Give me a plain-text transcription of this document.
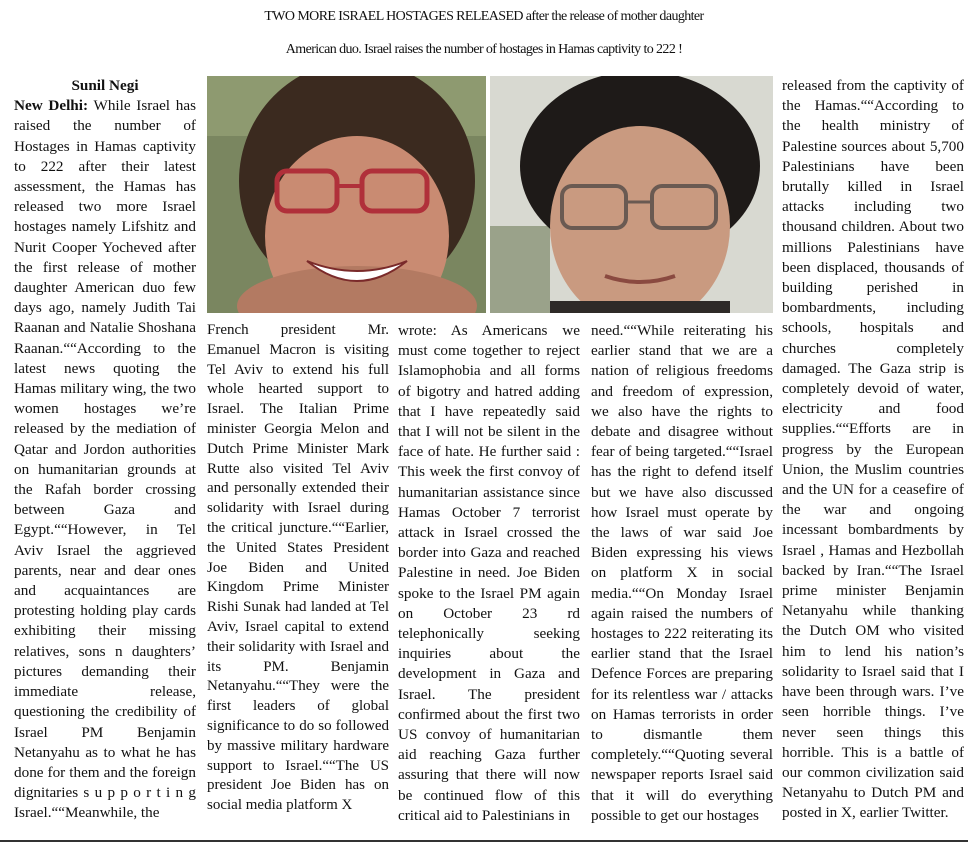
TWO MORE ISRAEL HOSTAGES RELEASED after the release of mother daughter
American duo. Israel raises the number of hostages in Hamas captivity to 222 !
Sunil Negi

New Delhi: While Israel has raised the number of Hostages in Hamas captivity to 222 after their latest assessment, the Hamas has released two more Israel hostages namely Lifshitz and Nurit Cooper Yocheved after the first release of mother daughter American duo few days ago, namely Judith Tai Raanan and Natalie Shoshana Raanan.““According to the latest news quoting the Hamas military wing, the two women hostages we’re released by the mediation of Qatar and Jordon authorities on humanitarian grounds at the Rafah border crossing between Gaza and Egypt.““However, in Tel Aviv Israel the aggrieved parents, near and dear ones and acquaintances are protesting holding play cards exhibiting their missing relatives, sons n daughters’ pictures demanding their immediate release, questioning the credibility of Israel PM Benjamin Netanyahu as to what he has done for them and the foreign dignitaries s u p p o r t i n g Israel.““Meanwhile, the

French president Mr. Emanuel Macron is visiting Tel Aviv to extend his full whole hearted support to Israel. The Italian Prime minister Georgia Melon and Dutch Prime Minister Mark Rutte also visited Tel Aviv and personally extended their solidarity with Israel during the critical juncture.““Earlier, the United States President Joe Biden and United Kingdom Prime Minister Rishi Sunak had landed at Tel Aviv, Israel capital to extend their solidarity with Israel and its PM. Benjamin Netanyahu.““They were the first leaders of global significance to do so followed by massive military hardware support to Israel.““The US president Joe Biden has on social media platform X

wrote: As Americans we must come together to reject Islamophobia and all forms of bigotry and hatred adding that I have repeatedly said that I will not be silent in the face of hate. He further said : This week the first convoy of humanitarian assistance since Hamas October 7 terrorist attack in Israel crossed the border into Gaza and reached Palestine in need. Joe Biden spoke to the Israel PM again on October 23 rd telephonically seeking inquiries about the development in Gaza and Israel. The president confirmed about the first two US convoy of humanitarian aid reaching Gaza further assuring that there will now be continued flow of this critical aid to Palestinians in

need.““While reiterating his earlier stand that we are a nation of religious freedoms and freedom of expression, we also have the rights to debate and disagree without fear of being targeted.““Israel has the right to defend itself but we have also discussed how Israel must operate by the laws of war said Joe Biden expressing his views on platform X in social media.““On Monday Israel again raised the numbers of hostages to 222 reiterating its earlier stand that the Israel Defence Forces are preparing for its relentless war / attacks on Hamas terrorists in order to dismantle them completely.““Quoting several newspaper reports Israel said that it will do everything possible to get our hostages

released from the captivity of the Hamas.““According to the health ministry of Palestine sources about 5,700 Palestinians have been brutally killed in Israel attacks including two thousand children. About two millions Palestinians have been displaced, thousands of building perished in bombardments, including schools, hospitals and churches completely damaged. The Gaza strip is completely devoid of water, electricity and food supplies.““Efforts are in progress by the European Union, the Muslim countries and the UN for a ceasefire of the war and ongoing incessant bombardments by Israel , Hamas and Hezbollah backed by Iran.““The Israel prime minister Benjamin Netanyahu while thanking the Dutch OM who visited him to lend his nation’s solidarity to Israel said that I have been through wars. I’ve seen horrible things. I’ve never seen things this horrible. This is a battle of our common civilization said Netanyahu to Dutch PM and posted in X, earlier Twitter.
